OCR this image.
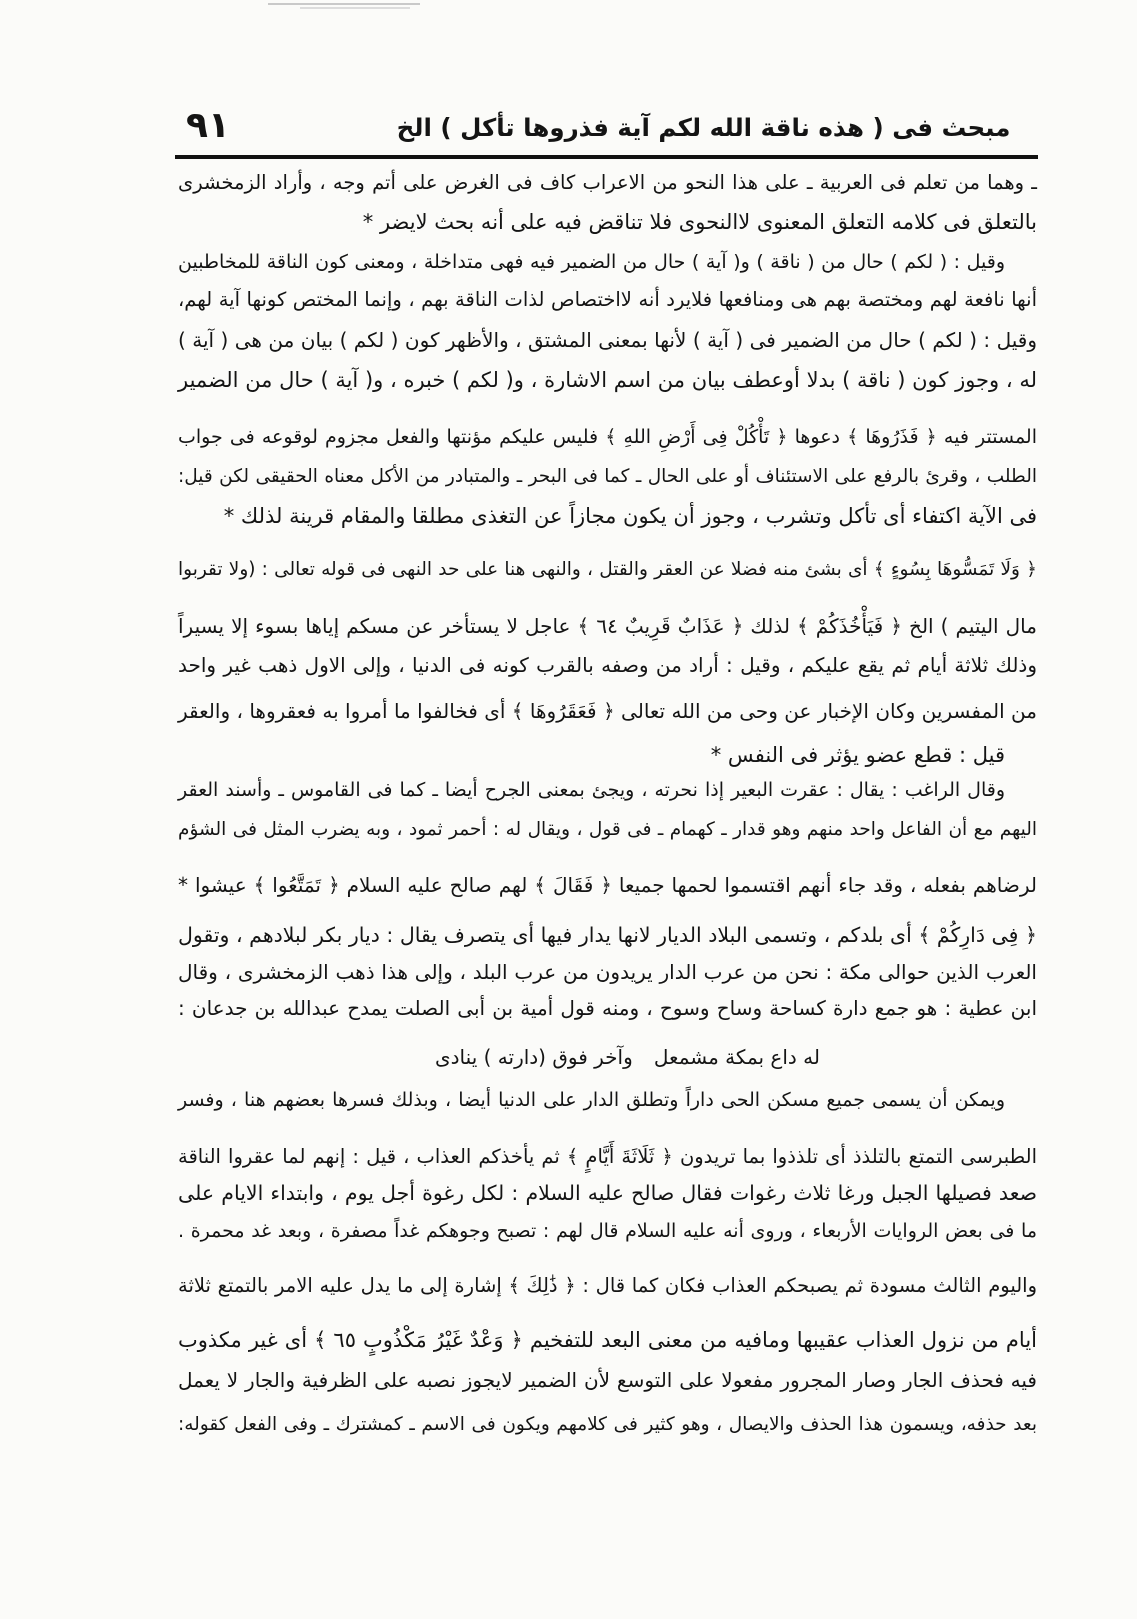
٩١	مبحث فى ( هذه ناقة الله لكم آية فذروها تأكل ) الخ
ـ وهما من تعلم فى العربية ـ على هذا النحو من الاعراب كاف فى الغرض على أتم وجه ، وأراد الزمخشرى
بالتعلق فى كلامه التعلق المعنوى لاالنحوى فلا تناقض فيه على أنه بحث لايضر *
وقيل : ( لكم ) حال من ( ناقة ) و( آية ) حال من الضمير فيه فهى متداخلة ، ومعنى كون الناقة للمخاطبين
أنها نافعة لهم ومختصة بهم هى ومنافعها فلايرد أنه لااختصاص لذات الناقة بهم ، وإنما المختص كونها آية لهم،
وقيل : ( لكم ) حال من الضمير فى ( آية ) لأنها بمعنى المشتق ، والأظهر كون ( لكم ) بيان من هى ( آية )
له ، وجوز كون ( ناقة ) بدلا أوعطف بيان من اسم الاشارة ، و( لكم ) خبره ، و( آية ) حال من الضمير
المستتر فيه ﴿ فَذَرُوهَا ﴾ دعوها ﴿ تَأْكُلْ فِى أَرْضِ اللهِ ﴾ فليس عليكم مؤنتها والفعل مجزوم لوقوعه فى جواب
الطلب ، وقرئ بالرفع على الاستئناف أو على الحال ـ كما فى البحر ـ والمتبادر من الأكل معناه الحقيقى لكن قيل:
فى الآية اكتفاء أى تأكل وتشرب ، وجوز أن يكون مجازاً عن التغذى مطلقا والمقام قرينة لذلك *
﴿ وَلَا تَمَسُّوهَا بِسُوءٍ ﴾ أى بشئ منه فضلا عن العقر والقتل ، والنهى هنا على حد النهى فى قوله تعالى : (ولا تقربوا
مال اليتيم ) الخ ﴿ فَيَأْخُذَكُمْ ﴾ لذلك ﴿ عَذَابٌ قَرِيبٌ ٦٤ ﴾ عاجل لا يستأخر عن مسكم إياها بسوء إلا يسيراً
وذلك ثلاثة أيام ثم يقع عليكم ، وقيل : أراد من وصفه بالقرب كونه فى الدنيا ، وإلى الاول ذهب غير واحد
من المفسرين وكان الإخبار عن وحى من الله تعالى ﴿ فَعَقَرُوهَا ﴾ أى فخالفوا ما أمروا به فعقروها ، والعقر
قيل : قطع عضو يؤثر فى النفس *
وقال الراغب : يقال : عقرت البعير إذا نحرته ، ويجئ بمعنى الجرح أيضا ـ كما فى القاموس ـ وأسند العقر
اليهم مع أن الفاعل واحد منهم وهو قدار ـ كهمام ـ فى قول ، ويقال له : أحمر ثمود ، وبه يضرب المثل فى الشؤم
لرضاهم بفعله ، وقد جاء أنهم اقتسموا لحمها جميعا ﴿ فَقَالَ ﴾ لهم صالح عليه السلام ﴿ تَمَتَّعُوا ﴾ عيشوا *
﴿ فِى دَارِكُمْ ﴾ أى بلدكم ، وتسمى البلاد الديار لانها يدار فيها أى يتصرف يقال : ديار بكر لبلادهم ، وتقول
العرب الذين حوالى مكة : نحن من عرب الدار يريدون من عرب البلد ، وإلى هذا ذهب الزمخشرى ، وقال
ابن عطية : هو جمع دارة كساحة وساح وسوح ، ومنه قول أمية بن أبى الصلت يمدح عبدالله بن جدعان :
له داع بمكة مشمعل
وآخر فوق (دارته ) ينادى
ويمكن أن يسمى جميع مسكن الحى داراً وتطلق الدار على الدنيا أيضا ، وبذلك فسرها بعضهم هنا ، وفسر
الطبرسى التمتع بالتلذذ أى تلذذوا بما تريدون ﴿ ثَلَاثَةَ أَيَّامٍ ﴾ ثم يأخذكم العذاب ، قيل : إنهم لما عقروا الناقة
صعد فصيلها الجبل ورغا ثلاث رغوات فقال صالح عليه السلام : لكل رغوة أجل يوم ، وابتداء الايام على
ما فى بعض الروايات الأربعاء ، وروى أنه عليه السلام قال لهم : تصبح وجوهكم غداً مصفرة ، وبعد غد محمرة .
واليوم الثالث مسودة ثم يصبحكم العذاب فكان كما قال : ﴿ ذَٰلِكَ ﴾ إشارة إلى ما يدل عليه الامر بالتمتع ثلاثة
أيام من نزول العذاب عقيبها ومافيه من معنى البعد للتفخيم ﴿ وَعْدٌ غَيْرُ مَكْذُوبٍ ٦٥ ﴾ أى غير مكذوب
فيه فحذف الجار وصار المجرور مفعولا على التوسع لأن الضمير لايجوز نصبه على الظرفية والجار لا يعمل
بعد حذفه، ويسمون هذا الحذف والايصال ، وهو كثير فى كلامهم ويكون فى الاسم ـ كمشترك ـ وفى الفعل كقوله:
